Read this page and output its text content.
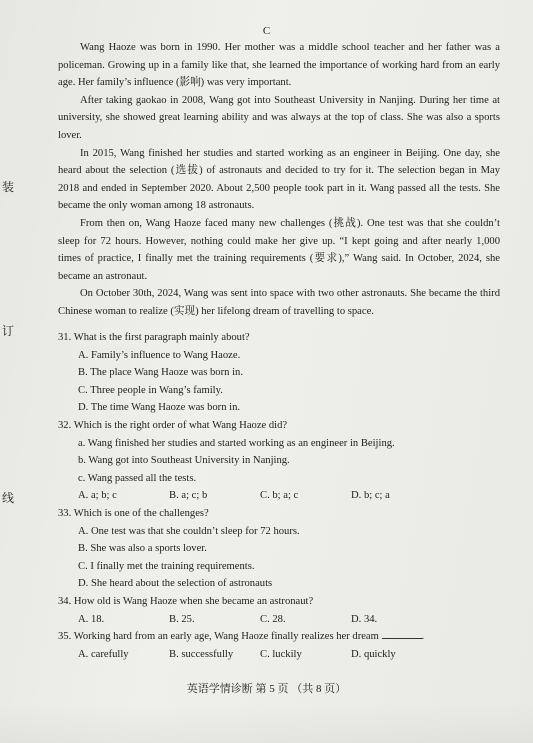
装
订
线
C

Wang Haoze was born in 1990. Her mother was a middle school teacher and her father was a policeman. Growing up in a family like that, she learned the importance of working hard from an early age. Her family’s influence (影响) was very important.

After taking gaokao in 2008, Wang got into Southeast University in Nanjing. During her time at university, she showed great learning ability and was always at the top of class. She was also a sports lover.

In 2015, Wang finished her studies and started working as an engineer in Beijing. One day, she heard about the selection (选拔) of astronauts and decided to try for it. The selection began in May 2018 and ended in September 2020. About 2,500 people took part in it. Wang passed all the tests. She became the only woman among 18 astronauts.

From then on, Wang Haoze faced many new challenges (挑战). One test was that she couldn’t sleep for 72 hours. However, nothing could make her give up. “I kept going and after nearly 1,000 times of practice, I finally met the training requirements (要求),” Wang said. In October, 2024, she became an astronaut.

On October 30th, 2024, Wang was sent into space with two other astronauts. She became the third Chinese woman to realize (实现) her lifelong dream of travelling to space.

31. What is the first paragraph mainly about?

A. Family’s influence to Wang Haoze.

B. The place Wang Haoze was born in.

C. Three people in Wang’s family.

D. The time Wang Haoze was born in.

32. Which is the right order of what Wang Haoze did?

a. Wang finished her studies and started working as an engineer in Beijing.

b. Wang got into Southeast University in Nanjing.

c. Wang passed all the tests.

A. a; b; c	B. a; c; b	C. b; a; c	D. b; c; a

33. Which is one of the challenges?

A. One test was that she couldn’t sleep for 72 hours.

B. She was also a sports lover.

C. I finally met the training requirements.

D. She heard about the selection of astronauts

34. How old is Wang Haoze when she became an astronaut?

A. 18.	B. 25.	C. 28.	D. 34.

35. Working hard from an early age, Wang Haoze finally realizes her dream	.

A. carefully	B. successfully	C. luckily	D. quickly
英语学情诊断 第 5 页 （共 8 页）
